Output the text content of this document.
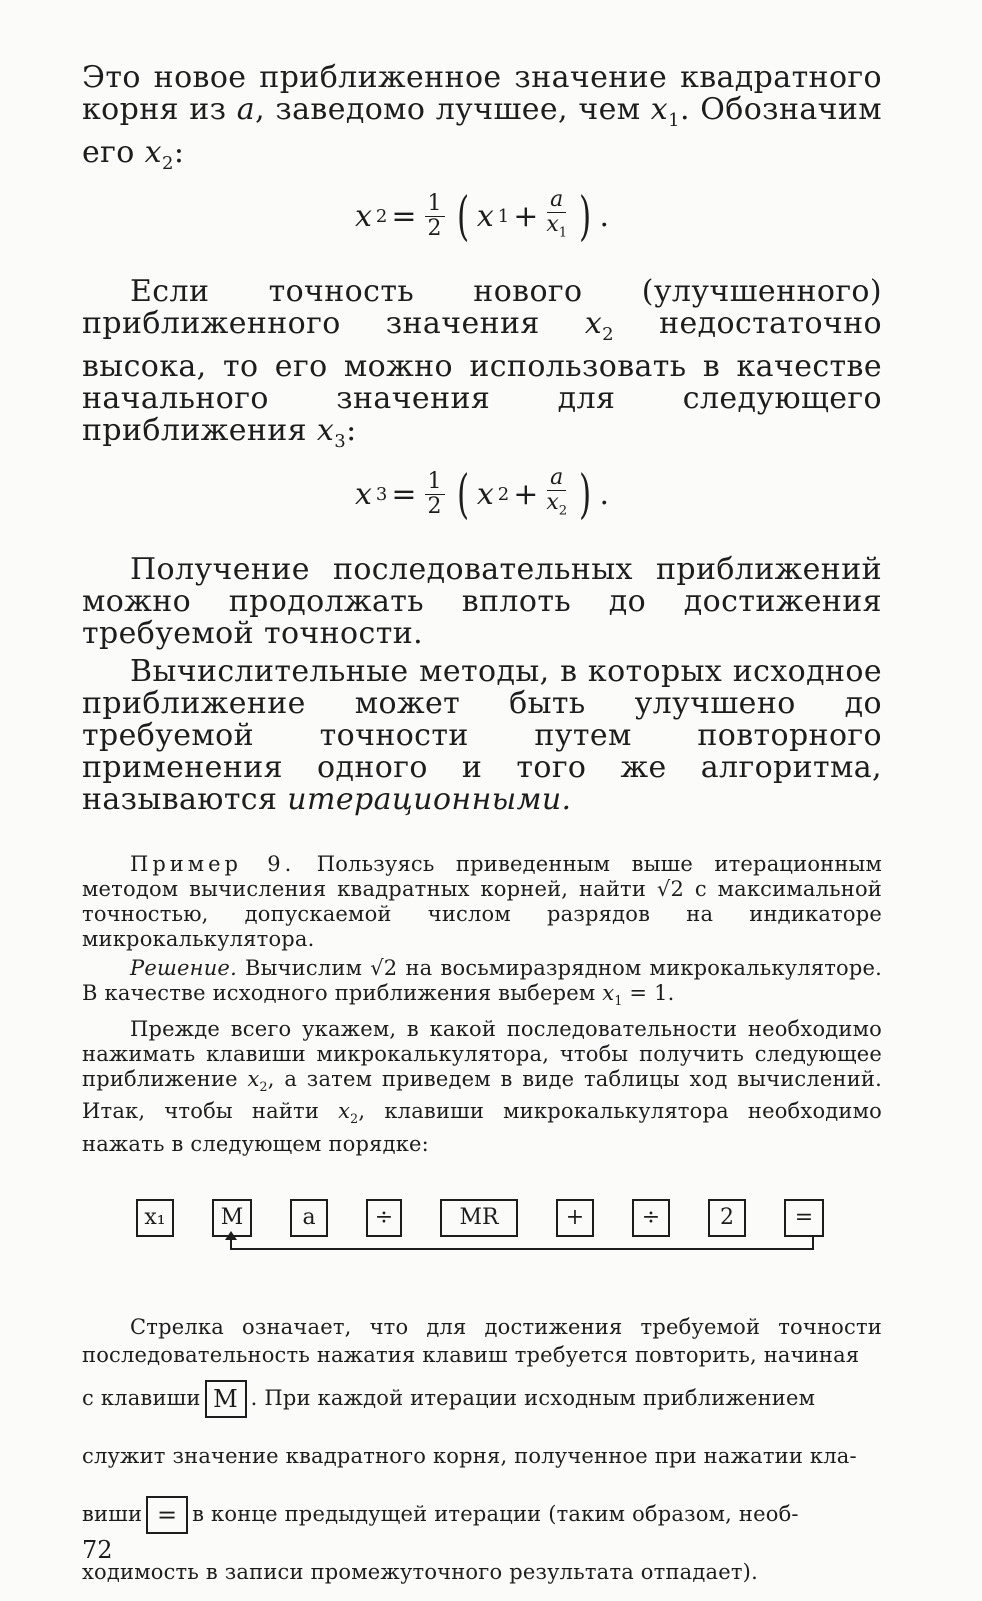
Это новое приближенное значение квадратного корня из a, заведомо лучшее, чем $x_1$. Обозначим его $x_2$:

x $2 = \frac{1}{2}$ ( x $1 + \frac{a}{x_1}$ ) .

Если точность нового (улучшенного) приближенного значения $x_2$ недостаточно высока, то его можно использовать в качестве начального значения для следующего приближения $x_3$:

x $3 = \frac{1}{2}$ ( x $2 + \frac{a}{x_2}$ ) .

Получение последовательных приближений можно продолжать вплоть до достижения требуемой точности.

Вычислительные методы, в которых исходное приближение может быть улучшено до требуемой точности путем повторного применения одного и того же алгоритма, называются итерационными.

Пример 9. Пользуясь приведенным выше итерационным методом вычисления квадратных корней, найти √2 с максимальной точностью, допускаемой числом разрядов на индикаторе микрокалькулятора.

Решение. Вычислим √2 на восьмиразрядном микрокалькуляторе. В качестве исходного приближения выберем $x_1 = 1$.

Прежде всего укажем, в какой последовательности необходимо нажимать клавиши микрокалькулятора, чтобы получить следующее приближение $x_2$, а затем приведем в виде таблицы ход вычислений. Итак, чтобы найти $x_2$, клавиши микрокалькулятора необходимо нажать в следующем порядке:

x₁	M	a	÷	MR	+	÷	2	=

Стрелка означает, что для достижения требуемой точности последовательность нажатия клавиш требуется повторить, начиная

с клавиши M . При каждой итерации исходным приближением

служит значение квадратного корня, полученное при нажатии кла-

виши = в конце предыдущей итерации (таким образом, необ-

ходимость в записи промежуточного результата отпадает).

72
